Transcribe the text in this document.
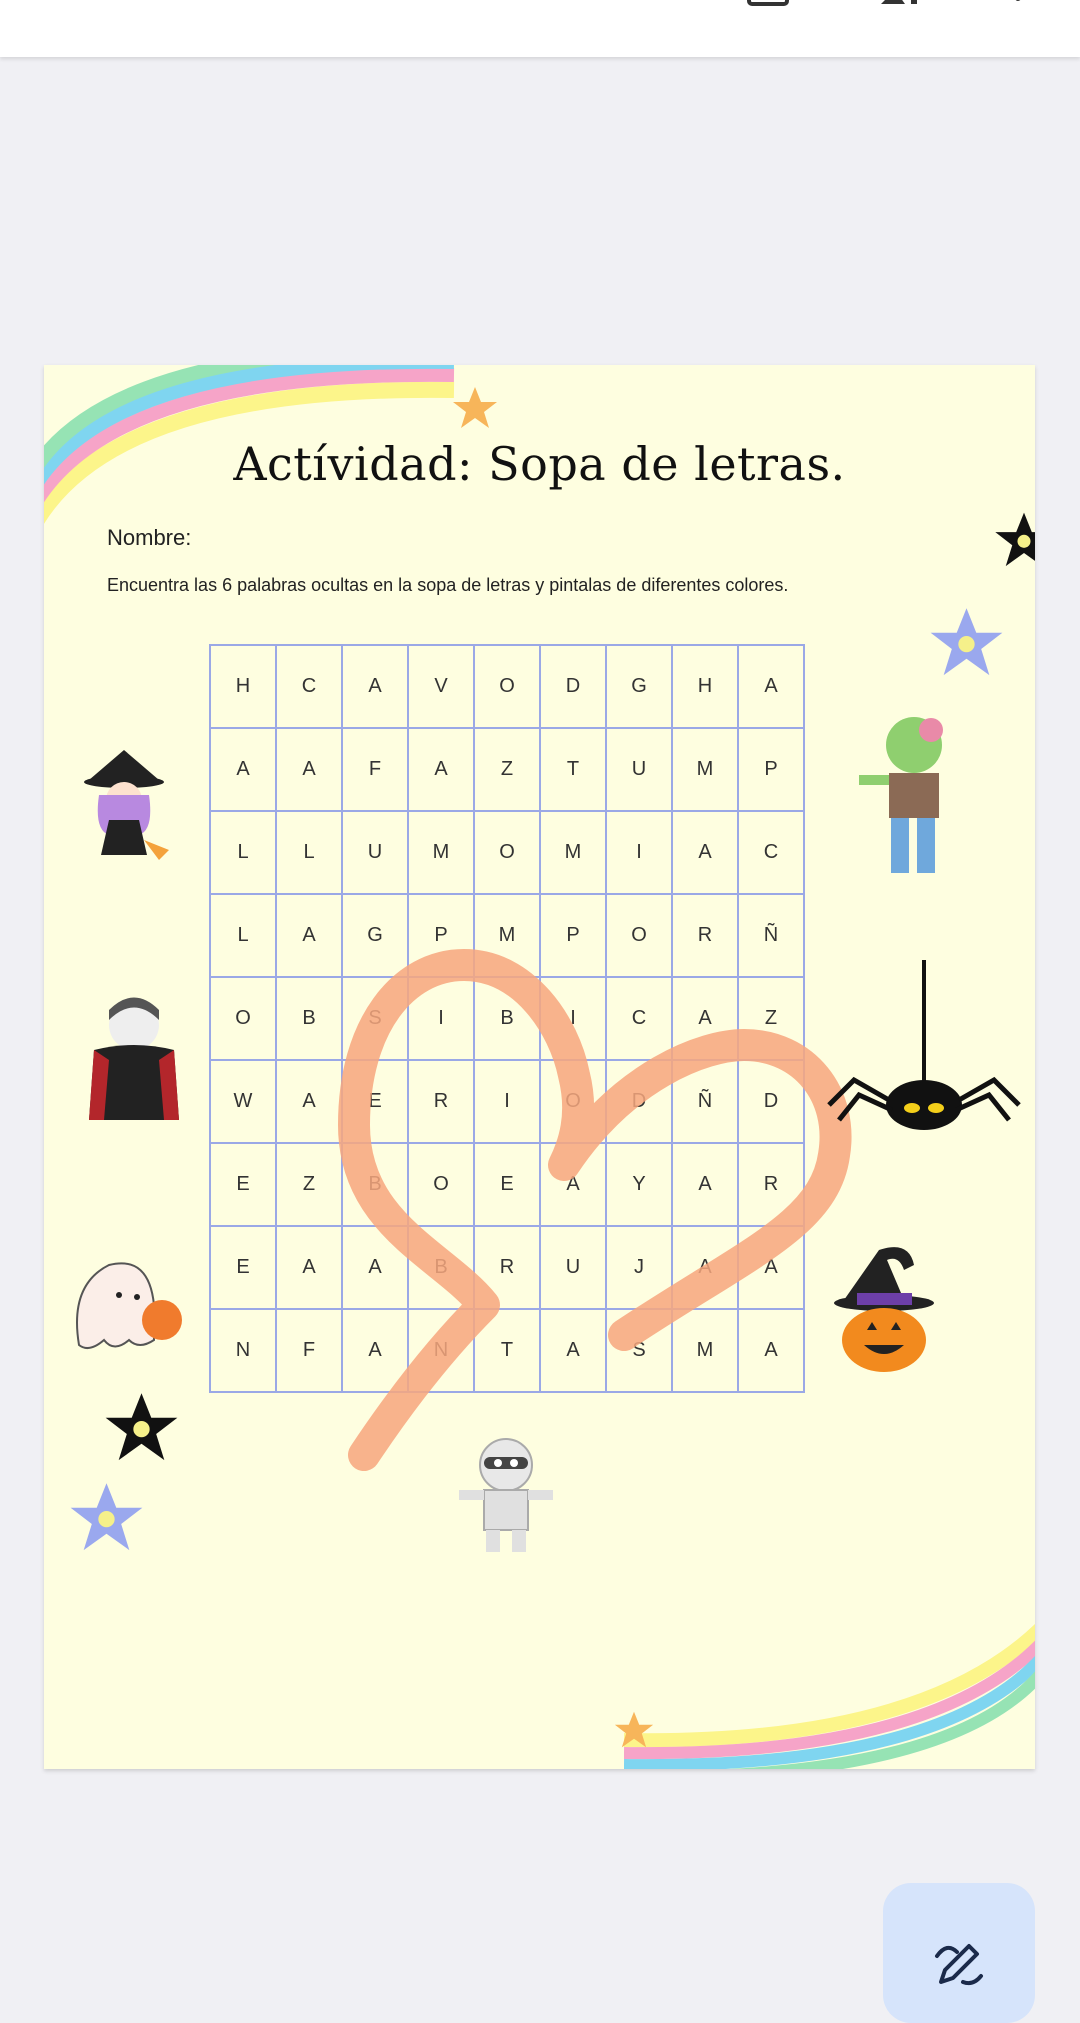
Actívidad: Sopa de letras.
Nombre:
Encuentra las 6 palabras ocultas en la sopa de letras y pintalas de diferentes colores.
H	C	A	V	O	D	G	H	A
A	A	F	A	Z	T	U	M	P
L	L	U	M	O	M	I	A	C
L	A	G	P	M	P	O	R	Ñ
O	B	S	I	B	I	C	A	Z
W	A	E	R	I	O	D	Ñ	D
E	Z	B	O	E	A	Y	A	R
E	A	A	B	R	U	J	A	A
N	F	A	N	T	A	S	M	A
